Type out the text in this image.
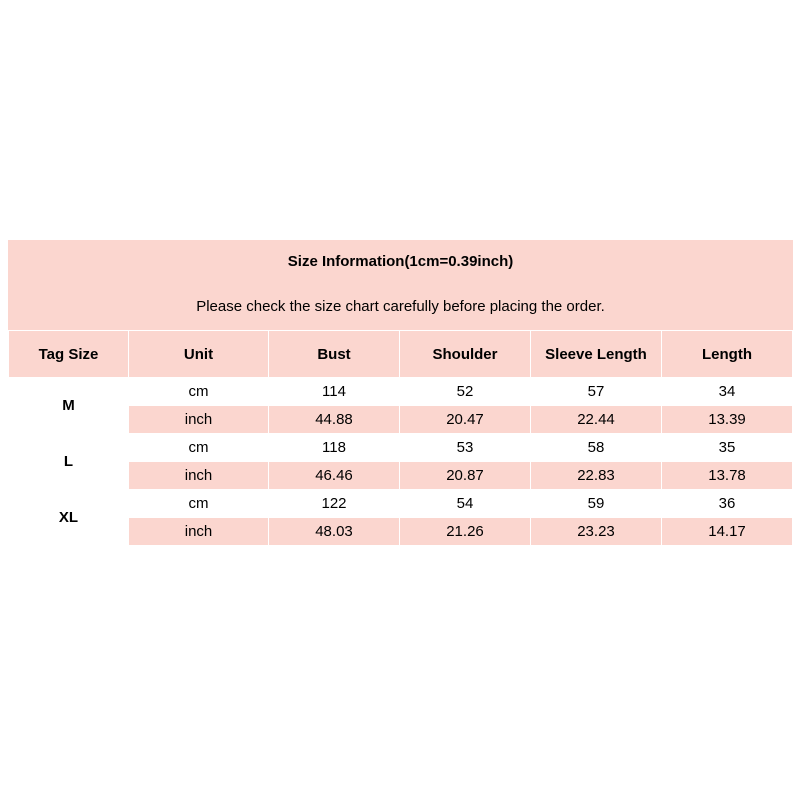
Size Information(1cm=0.39inch)					
Please check the size chart carefully before placing the order.					
Tag Size	Unit	Bust	Shoulder	Sleeve Length	Length
M	cm	114	52	57	34
	inch	44.88	20.47	22.44	13.39
L	cm	118	53	58	35
	inch	46.46	20.87	22.83	13.78
XL	cm	122	54	59	36
	inch	48.03	21.26	23.23	14.17
